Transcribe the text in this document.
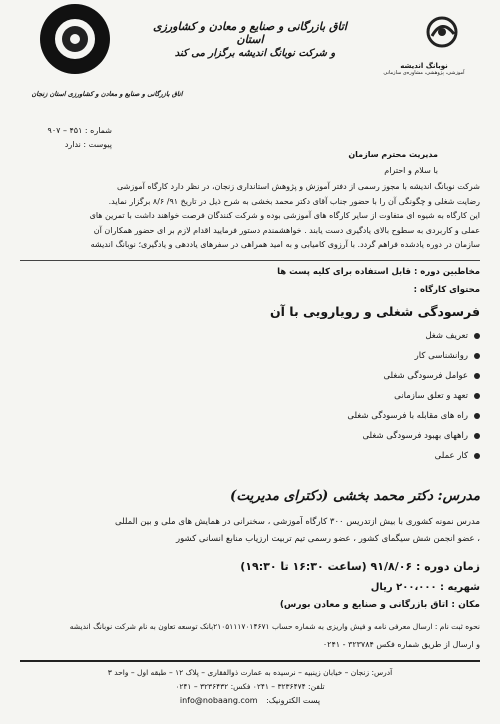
نوبانگ اندیشه
آموزشی، پژوهشی، مشاوره‌ی سازمانی
اتاق بازرگانی و صنایع و معادن و کشاورزی استان
و شرکت نوبانگ اندیشه برگزار می کند
اتاق بازرگانی و صنایع و معادن و کشاورزی استان زنجان
شماره : ۴۵۱ – ۹۰۷
پیوست : ندارد
مدیریت محترم سازمان
با سلام و احترام
شرکت نوبانگ اندیشه با مجوز رسمی از دفتر آموزش و پژوهش استانداری زنجان، در نظر دارد کارگاه آموزشی
رضایت شغلی و چگونگی آن را با حضور جناب آقای دکتر محمد بخشی به شرح ذیل در تاریخ ۹۱/ ۸/۶ برگزار نماید.
این کارگاه به شیوه ای متفاوت از سایر کارگاه های آموزشی بوده و شرکت کنندگان فرصت خواهند داشت با تمرین های
عملی و کاربردی به سطوح بالای یادگیری دست یابند . خواهشمندم دستور فرمایید اقدام لازم بر ای حضور همکاران آن
سازمان در دوره یادشده فراهم گردد. با آرزوی کامیابی و به امید همراهی در سفرهای یاددهی و یادگیری؛ نوبانگ اندیشه
مخاطبین دوره : قابل استفاده برای کلیه پست ها
محتوای کارگاه :
فرسودگی شغلی و رویارویی با آن
تعریف شغل
روانشناسی کار
عوامل فرسودگی شغلی
تعهد و تعلق سازمانی
راه های مقابله با فرسودگی شغلی
راههای بهبود فرسودگی شغلی
کار عملی
مدرس: دکتر محمد بخشی (دکترای مدیریت)
مدرس نمونه کشوری با بیش ازتدریس ۳۰۰ کارگاه آموزشی ، سخنرانی در همایش های ملی و بین المللی
، عضو انجمن شش سیگمای کشور ، عضو رسمی تیم تربیت ارزیاب منابع انسانی کشور
زمان دوره : ۹۱/۸/۰۶ (ساعت ۱۶:۳۰ تا ۱۹:۳۰)
شهریه : ۲۰۰،۰۰۰ ریال
مکان : اتاق بازرگانی و صنایع و معادن بورس)
نحوه ثبت نام : ارسال معرفی نامه و فیش واریزی به شماره حساب ۲۱۰۵۱۱۱۷۰۱۴۶۷۱بانک توسعه تعاون به نام شرکت نوبانگ اندیشه
و ارسال از طریق شماره فکس ۳۲۳۷۸۴ - ۰۲۴۱
آدرس: زنجان – خیابان زینبیه – نرسیده به عمارت ذوالفقاری – پلاک ۱۲ – طبقه اول – واحد ۳
تلفن: ۳۲۳۶۴۷۴ – ۰۲۴۱ فکس: ۳۲۳۶۴۳۲ – ۰۲۴۱
info@nobaang.com پست الکترونیک:
